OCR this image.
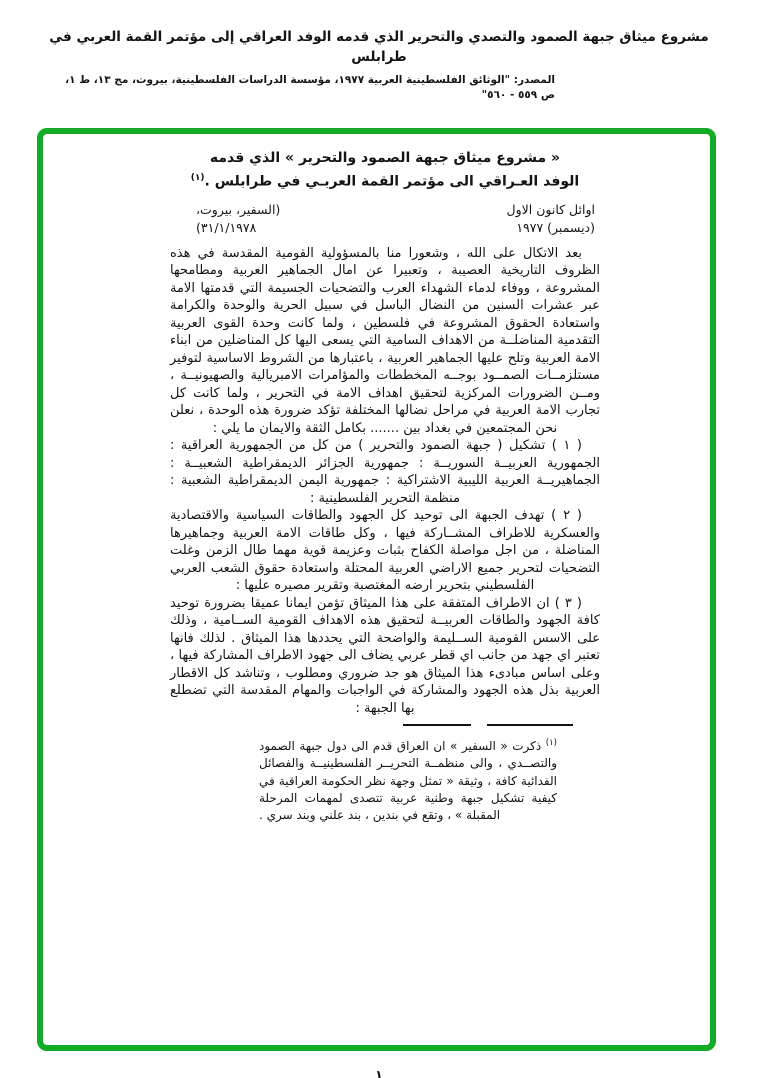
مشروع ميثاق جبهة الصمود والتصدي والتحرير الذي قدمه الوفد العراقي إلى مؤتمر القمة العربي في طرابلس
المصدر: "الوثائق الفلسطينية العربية ١٩٧٧، مؤسسة الدراسات الفلسطينية، بيروت، مج ١٣، ط ١، ص ٥٥٩ - ٥٦٠"
« مشروع ميثاق جبهة الصمود والتحرير » الذي قدمه
الوفد العـراقي الى مؤتمر القمة العربـي في طرابلس .$^{(١)}$
اوائل كانون الاول
(ديسمبر) ١٩٧٧
(السفير، بيروت،
٣١/١/١٩٧٨)

بعد الاتكال على الله ، وشعورا منا بالمسؤولية القومية المقدسة في هذه الظروف التاريخية العصيبة ، وتعبيرا عن امال الجماهير العربية ومطامحها المشروعة ، ووفاء لدماء الشهداء العرب والتضحيات الجسيمة التي قدمتها الامة عبر عشرات السنين من النضال الباسل في سبيل الحرية والوحدة والكرامة واستعادة الحقوق المشروعة في فلسطين ، ولما كانت وحدة القوى العربية التقدمية المناضلــة من الاهداف السامية التي يسعى اليها كل المناضلين من ابناء الامة العربية وتلح عليها الجماهير العربية ، باعتبارها من الشروط الاساسية لتوفير مستلزمــات الصمــود بوجــه المخططات والمؤامرات الامبريالية والصهيونيــة ، ومــن الضرورات المركزية لتحقيق اهداف الامة في التحرير ، ولما كانت كل تجارب الامة العربية في مراحل نضالها المختلفة تؤكد ضرورة هذه الوحدة ، نعلن نحن المجتمعين في بغداد بين ....... بكامل الثقة والايمان ما يلي :

( ١ ) تشكيل ( جبهة الصمود والتحرير ) من كل من الجمهورية العراقية : الجمهورية العربيــة السوريــة : جمهورية الجزائر الديمقراطية الشعبيــة : الجماهيريــة العربية الليبية الاشتراكية : جمهورية اليمن الديمقراطية الشعبية : منظمة التحرير الفلسطينية :

( ٢ ) تهدف الجبهة الى توحيد كل الجهود والطاقات السياسية والاقتصادية والعسكرية للاطراف المشــاركة فيها ، وكل طاقات الامة العربية وجماهيرها المناضلة ، من اجل مواصلة الكفاح بثبات وعزيمة قوية مهما طال الزمن وغلت التضحيات لتحرير جميع الاراضي العربية المحتلة واستعادة حقوق الشعب العربي الفلسطيني بتحرير ارضه المغتصبة وتقرير مصيره عليها :

( ٣ ) ان الاطراف المتفقة على هذا الميثاق تؤمن ايمانا عميقا بضرورة توحيد كافة الجهود والطاقات العربيــة لتحقيق هذه الاهداف القومية الســامية ، وذلك على الاسس القومية الســليمة والواضحة التي يحددها هذا الميثاق . لذلك فانها تعتبر اي جهد من جانب اي قطر عربي يضاف الى جهود الاطراف المشاركة فيها ، وعلى اساس مبادىء هذا الميثاق هو جد ضروري ومطلوب ، وتناشد كل الاقطار العربية بذل هذه الجهود والمشاركة في الواجبات والمهام المقدسة التي تضطلع بها الجبهة :

$^{(١)}$ ذكرت « السفير » ان العراق قدم الى دول جبهة الصمود والتصــدي ، والى منظمــة التحريــر الفلسطينيــة والفصائل الفدائية كافة ، وثيقة « تمثل وجهة نظر الحكومة العراقية في كيفية تشكيل جبهة وطنية عربية تتصدى لمهمات المرحلة المقبلة » ، وتقع في بندين ، بند علني وبند سري .
١
